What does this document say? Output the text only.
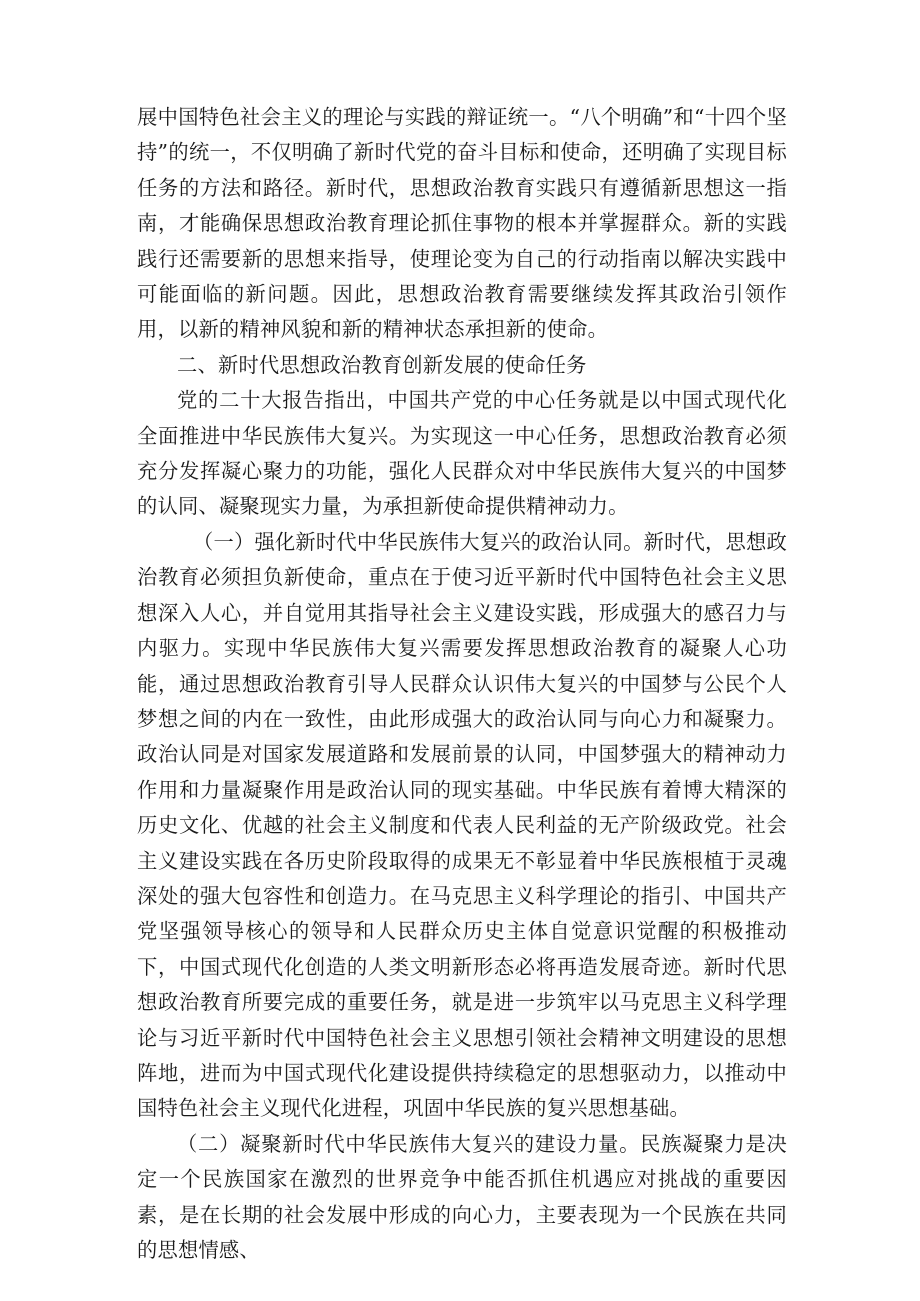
展中国特色社会主义的理论与实践的辩证统一。“八个明确”和“十四个坚持”的统一，不仅明确了新时代党的奋斗目标和使命，还明确了实现目标任务的方法和路径。新时代，思想政治教育实践只有遵循新思想这一指南，才能确保思想政治教育理论抓住事物的根本并掌握群众。新的实践践行还需要新的思想来指导，使理论变为自己的行动指南以解决实践中可能面临的新问题。因此，思想政治教育需要继续发挥其政治引领作用，以新的精神风貌和新的精神状态承担新的使命。

二、新时代思想政治教育创新发展的使命任务

党的二十大报告指出，中国共产党的中心任务就是以中国式现代化全面推进中华民族伟大复兴。为实现这一中心任务，思想政治教育必须充分发挥凝心聚力的功能，强化人民群众对中华民族伟大复兴的中国梦的认同、凝聚现实力量，为承担新使命提供精神动力。

（一）强化新时代中华民族伟大复兴的政治认同。新时代，思想政治教育必须担负新使命，重点在于使习近平新时代中国特色社会主义思想深入人心，并自觉用其指导社会主义建设实践，形成强大的感召力与内驱力。实现中华民族伟大复兴需要发挥思想政治教育的凝聚人心功能，通过思想政治教育引导人民群众认识伟大复兴的中国梦与公民个人梦想之间的内在一致性，由此形成强大的政治认同与向心力和凝聚力。政治认同是对国家发展道路和发展前景的认同，中国梦强大的精神动力作用和力量凝聚作用是政治认同的现实基础。中华民族有着博大精深的历史文化、优越的社会主义制度和代表人民利益的无产阶级政党。社会主义建设实践在各历史阶段取得的成果无不彰显着中华民族根植于灵魂深处的强大包容性和创造力。在马克思主义科学理论的指引、中国共产党坚强领导核心的领导和人民群众历史主体自觉意识觉醒的积极推动下，中国式现代化创造的人类文明新形态必将再造发展奇迹。新时代思想政治教育所要完成的重要任务，就是进一步筑牢以马克思主义科学理论与习近平新时代中国特色社会主义思想引领社会精神文明建设的思想阵地，进而为中国式现代化建设提供持续稳定的思想驱动力，以推动中国特色社会主义现代化进程，巩固中华民族的复兴思想基础。

（二）凝聚新时代中华民族伟大复兴的建设力量。民族凝聚力是决定一个民族国家在激烈的世界竞争中能否抓住机遇应对挑战的重要因素，是在长期的社会发展中形成的向心力，主要表现为一个民族在共同的思想情感、
